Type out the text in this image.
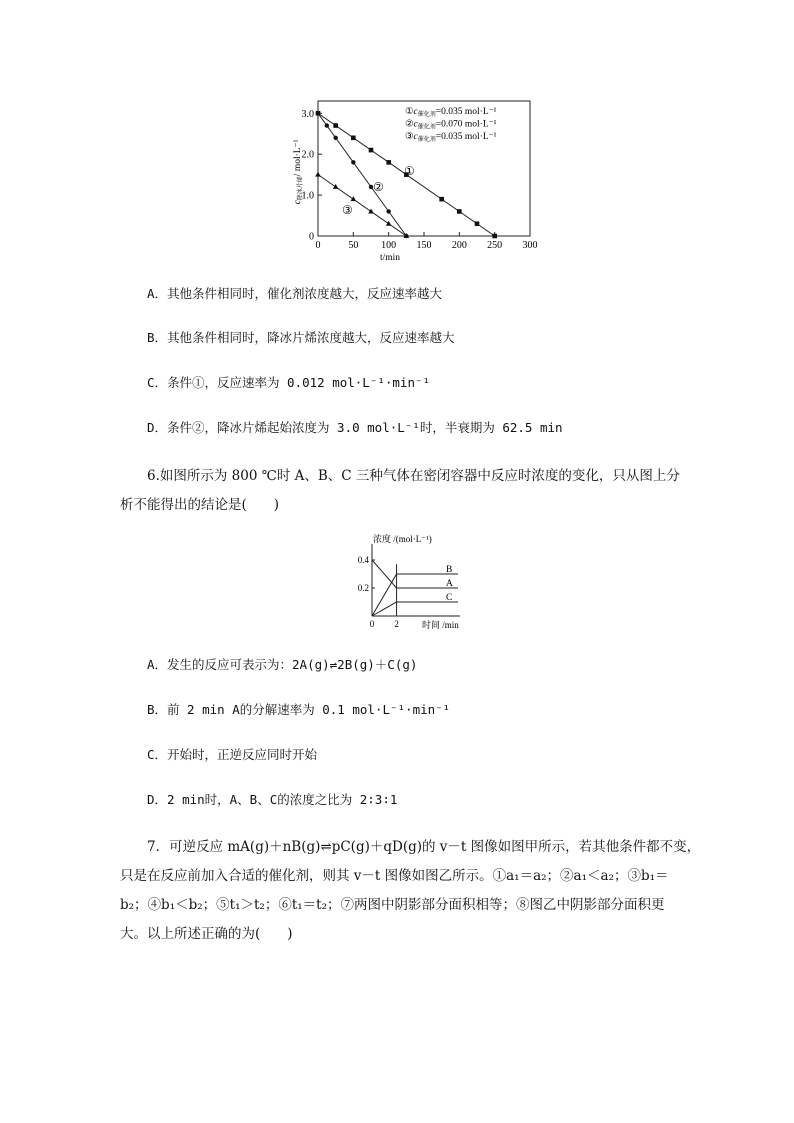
0
1.0
2.0
3.0
0	50 100 150 200 250 300
$①c_{催化剂}=0.035$ mol·L⁻¹
$②c_{催化剂}=0.070$ mol·L⁻¹
$③c_{催化剂}=0.035$ mol·L⁻¹
$c_{降冰片烯}/$ mol·L⁻¹
t/min
①
②
③
A．其他条件相同时，催化剂浓度越大，反应速率越大
B．其他条件相同时，降冰片烯浓度越大，反应速率越大
C．条件①，反应速率为 0.012 mol·L⁻¹·min⁻¹
D．条件②，降冰片烯起始浓度为 3.0 mol·L⁻¹时，半衰期为 62.5 min
6.如图所示为 800 ℃时 A、B、C 三种气体在密闭容器中反应时浓度的变化，只从图上分
析不能得出的结论是(　　)
浓度 /(mol·L⁻¹)
时间 /min
0.4
0.2
0 2
A
B
C
A．发生的反应可表示为：2A(g)⇌2B(g)＋C(g)
B．前 2 min A的分解速率为 0.1 mol·L⁻¹·min⁻¹
C．开始时，正逆反应同时开始
D．2 min时，A、B、C的浓度之比为 2∶3∶1
7．可逆反应 mA(g)＋nB(g)⇌pC(g)＋qD(g)的 v－t 图像如图甲所示，若其他条件都不变，
只是在反应前加入合适的催化剂，则其 v－t 图像如图乙所示。①a₁＝a₂；②a₁＜a₂；③b₁＝
b₂；④b₁＜b₂；⑤t₁＞t₂；⑥t₁＝t₂；⑦两图中阴影部分面积相等；⑧图乙中阴影部分面积更
大。以上所述正确的为(　　)
